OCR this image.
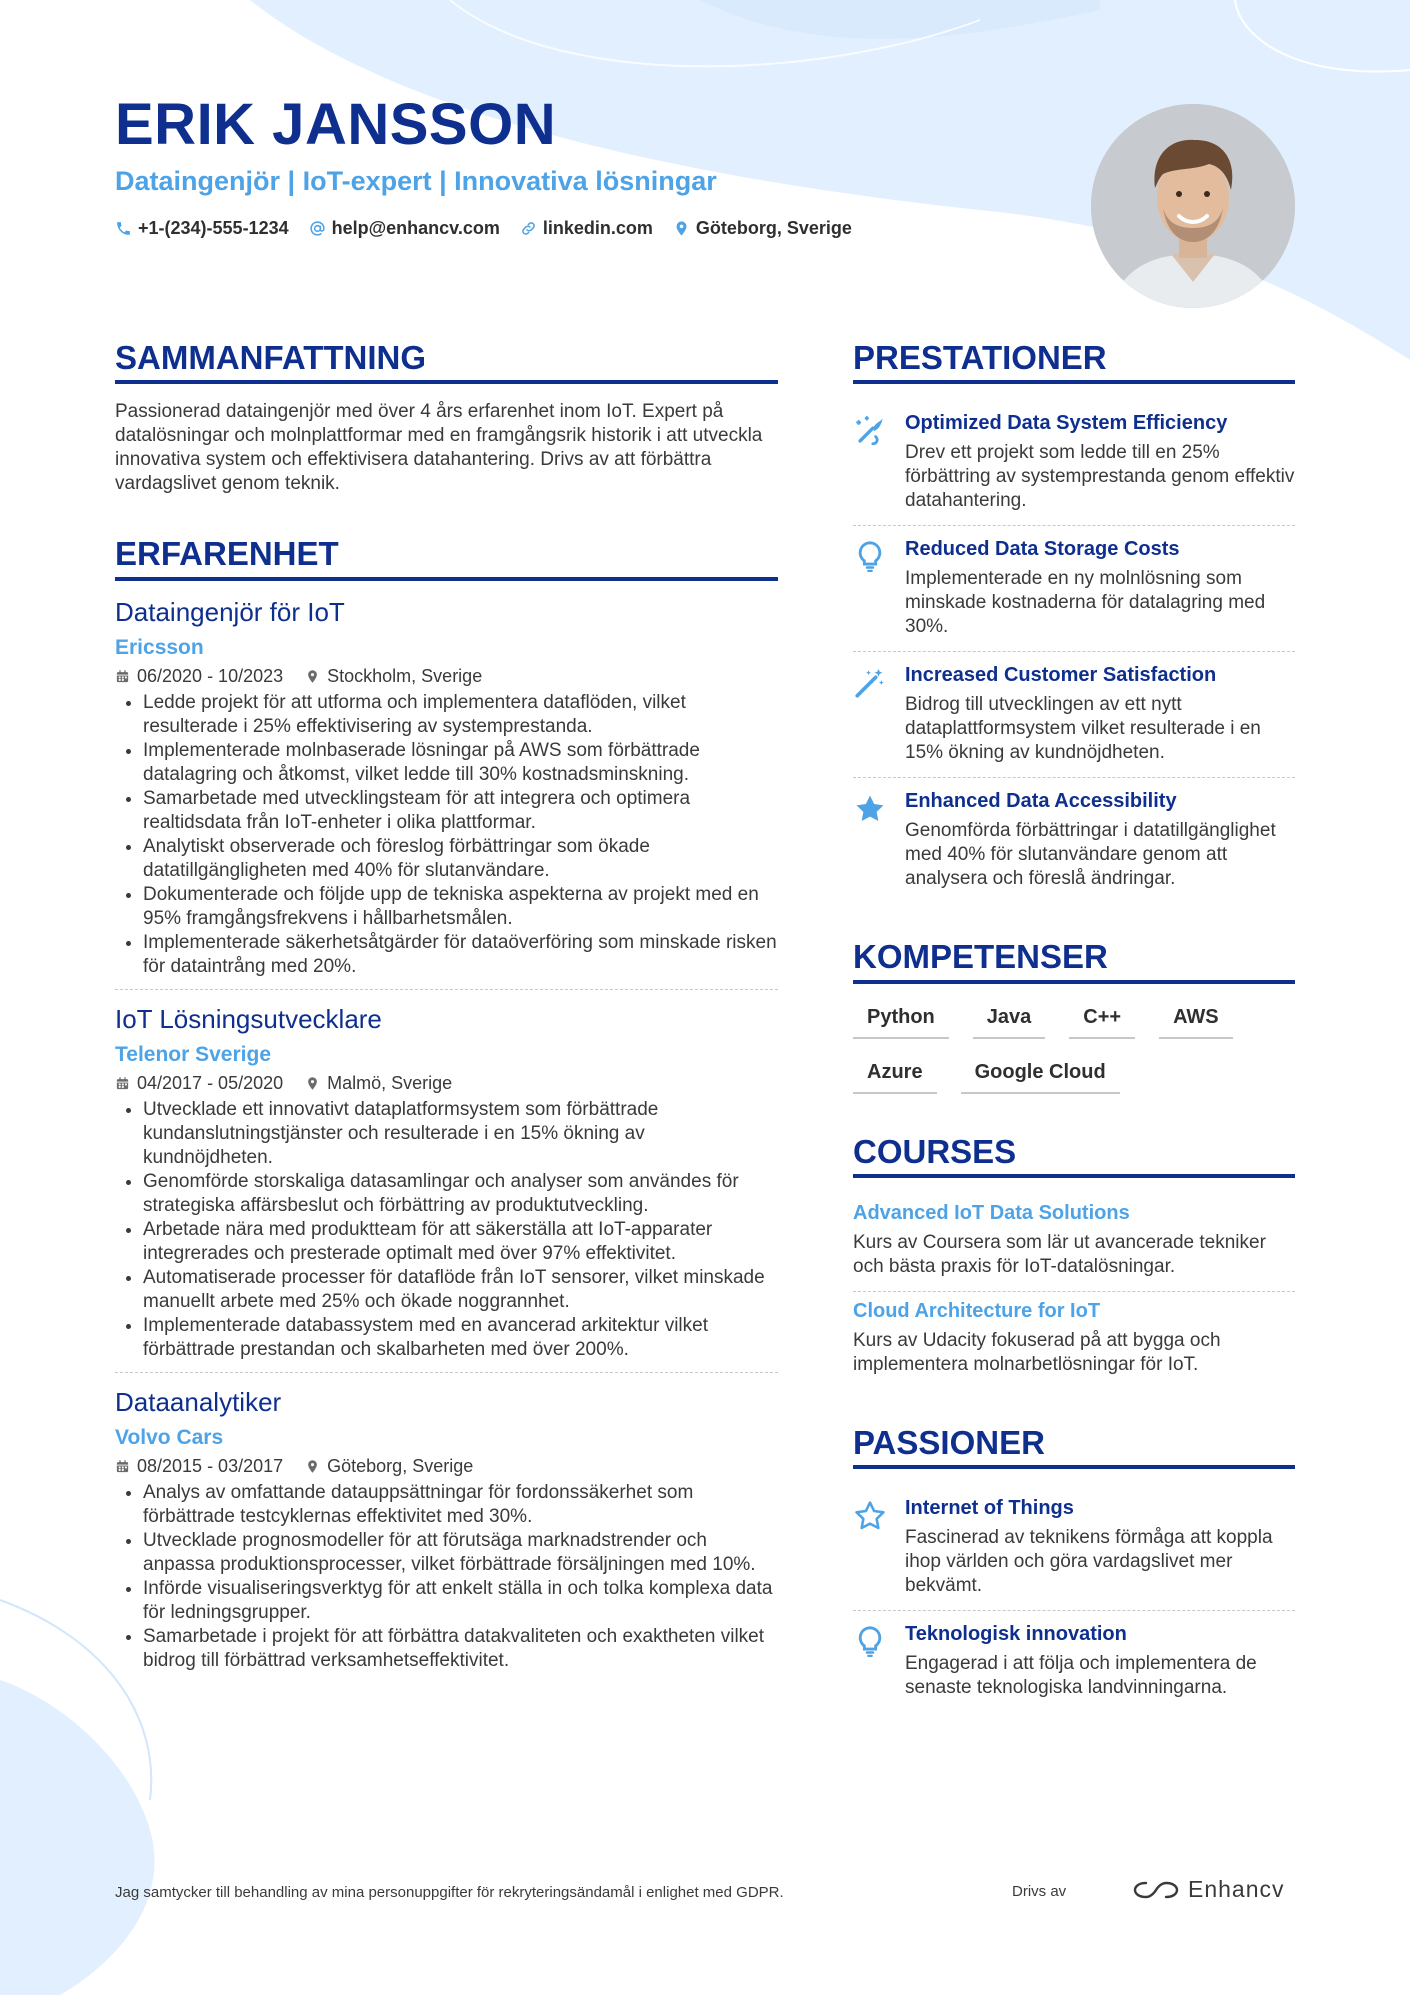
ERIK JANSSON
Dataingenjör | IoT-expert | Innovativa lösningar
+1-(234)-555-1234 help@enhancv.com linkedin.com Göteborg, Sverige
SAMMANFATTNING
Passionerad dataingenjör med över 4 års erfarenhet inom IoT. Expert på datalösningar och molnplattformar med en framgångsrik historik i att utveckla innovativa system och effektivisera datahantering. Drivs av att förbättra vardagslivet genom teknik.
ERFARENHET
Dataingenjör för IoT
Ericsson
06/2020 - 10/2023 Stockholm, Sverige
• Ledde projekt för att utforma och implementera dataflöden, vilket resulterade i 25% effektivisering av systemprestanda.
• Implementerade molnbaserade lösningar på AWS som förbättrade datalagring och åtkomst, vilket ledde till 30% kostnadsminskning.
• Samarbetade med utvecklingsteam för att integrera och optimera realtidsdata från IoT-enheter i olika plattformar.
• Analytiskt observerade och föreslog förbättringar som ökade datatillgängligheten med 40% för slutanvändare.
• Dokumenterade och följde upp de tekniska aspekterna av projekt med en 95% framgångsfrekvens i hållbarhetsmålen.
• Implementerade säkerhetsåtgärder för dataöverföring som minskade risken för dataintrång med 20%.
IoT Lösningsutvecklare
Telenor Sverige
04/2017 - 05/2020 Malmö, Sverige
• Utvecklade ett innovativt dataplatformsystem som förbättrade kundanslutningstjänster och resulterade i en 15% ökning av kundnöjdheten.
• Genomförde storskaliga datasamlingar och analyser som användes för strategiska affärsbeslut och förbättring av produktutveckling.
• Arbetade nära med produktteam för att säkerställa att IoT-apparater integrerades och presterade optimalt med över 97% effektivitet.
• Automatiserade processer för dataflöde från IoT sensorer, vilket minskade manuellt arbete med 25% och ökade noggrannhet.
• Implementerade databassystem med en avancerad arkitektur vilket förbättrade prestandan och skalbarheten med över 200%.
Dataanalytiker
Volvo Cars
08/2015 - 03/2017 Göteborg, Sverige
• Analys av omfattande datauppsättningar för fordonssäkerhet som förbättrade testcyklernas effektivitet med 30%.
• Utvecklade prognosmodeller för att förutsäga marknadstrender och anpassa produktionsprocesser, vilket förbättrade försäljningen med 10%.
• Införde visualiseringsverktyg för att enkelt ställa in och tolka komplexa data för ledningsgrupper.
• Samarbetade i projekt för att förbättra datakvaliteten och exaktheten vilket bidrog till förbättrad verksamhetseffektivitet.
PRESTATIONER
Optimized Data System Efficiency
Drev ett projekt som ledde till en 25% förbättring av systemprestanda genom effektiv datahantering.
Reduced Data Storage Costs
Implementerade en ny molnlösning som minskade kostnaderna för datalagring med 30%.
Increased Customer Satisfaction
Bidrog till utvecklingen av ett nytt dataplattformsystem vilket resulterade i en 15% ökning av kundnöjdheten.
Enhanced Data Accessibility
Genomförda förbättringar i datatillgänglighet med 40% för slutanvändare genom att analysera och föreslå ändringar.
KOMPETENSER
Python	Java	C++	AWS
Azure	Google Cloud
COURSES
Advanced IoT Data Solutions
Kurs av Coursera som lär ut avancerade tekniker och bästa praxis för IoT-datalösningar.
Cloud Architecture for IoT
Kurs av Udacity fokuserad på att bygga och implementera molnarbetlösningar för IoT.
PASSIONER
Internet of Things
Fascinerad av teknikens förmåga att koppla ihop världen och göra vardagslivet mer bekvämt.
Teknologisk innovation
Engagerad i att följa och implementera de senaste teknologiska landvinningarna.
Jag samtycker till behandling av mina personuppgifter för rekryteringsändamål i enlighet med GDPR.	Drivs av	Enhancv
